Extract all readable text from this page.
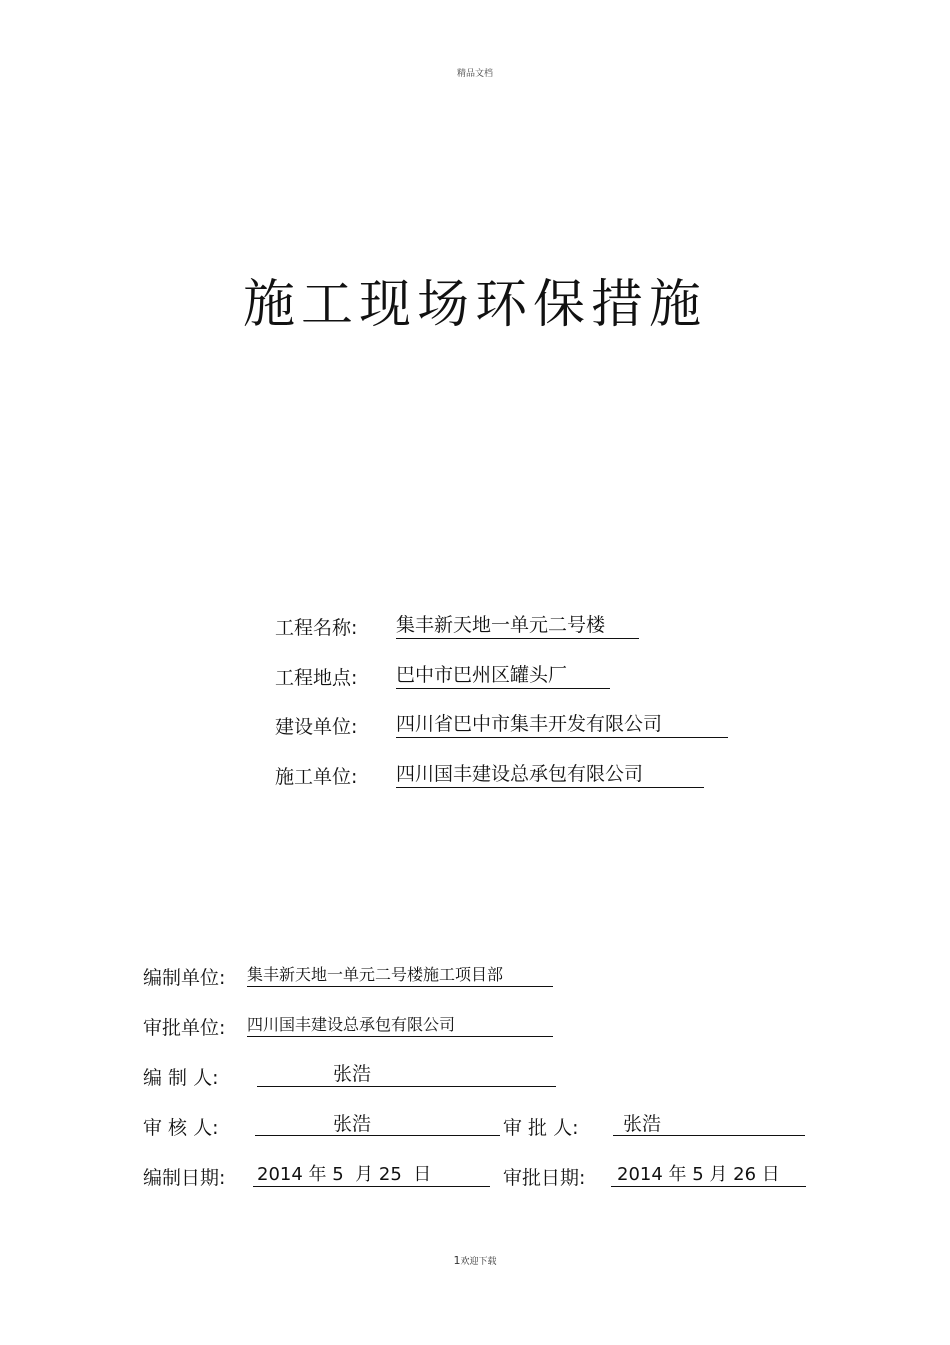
精品文档
施工现场环保措施
工程名称: 集丰新天地一单元二号楼
工程地点: 巴中市巴州区罐头厂
建设单位: 四川省巴中市集丰开发有限公司
施工单位: 四川国丰建设总承包有限公司
编制单位: 集丰新天地一单元二号楼施工项目部
审批单位: 四川国丰建设总承包有限公司
编 制 人:	张浩
审 核 人:	张浩	审 批 人: 张浩
编制日期: 2014 年 5  月 25  日	审批日期: 2014 年 5 月 26 日
1欢迎下载
